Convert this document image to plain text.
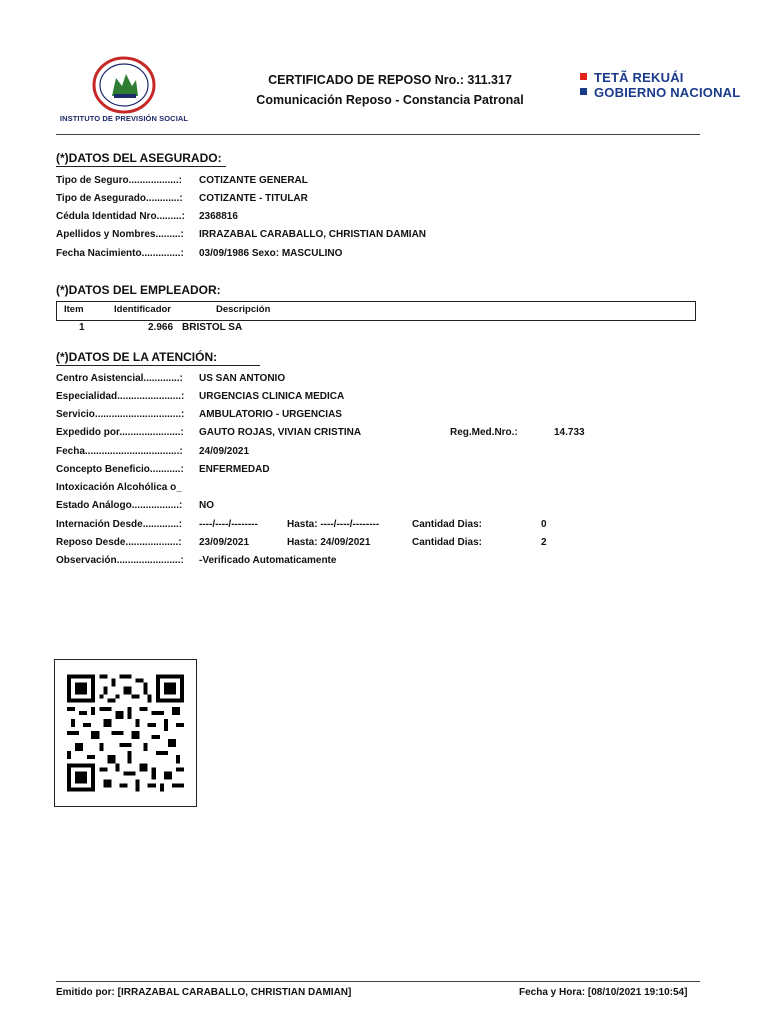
INSTITUTO DE PREVISIÓN SOCIAL
CERTIFICADO DE REPOSO Nro.: 311.317
Comunicación Reposo - Constancia Patronal
TETÃ REKUÁI
GOBIERNO NACIONAL
(*)DATOS DEL ASEGURADO:
Tipo de Seguro..................: COTIZANTE GENERAL
Tipo de Asegurado............: COTIZANTE - TITULAR
Cédula Identidad Nro.........: 2368816
Apellidos y Nombres.........: IRRAZABAL CARABALLO, CHRISTIAN DAMIAN
Fecha Nacimiento..............: 03/09/1986 Sexo: MASCULINO
(*)DATOS DEL EMPLEADOR:
Item	Identificador	Descripción
1	2.966 BRISTOL SA
(*)DATOS DE LA ATENCIÓN:
Centro Asistencial.............: US SAN ANTONIO
Especialidad.......................: URGENCIAS CLINICA MEDICA
Servicio...............................: AMBULATORIO - URGENCIAS
Expedido por......................: GAUTO ROJAS, VIVIAN CRISTINA	Reg.Med.Nro.:	14.733
Fecha..................................: 24/09/2021
Concepto Beneficio...........: ENFERMEDAD
Intoxicación Alcohólica o_
Estado Análogo.................: NO
Internación Desde.............: ----/----/--------	Hasta: ----/----/--------	Cantidad Dias:	0
Reposo Desde...................: 23/09/2021	Hasta: 24/09/2021	Cantidad Dias:	2
Observación.......................: -Verificado Automaticamente
Emitido por: [IRRAZABAL CARABALLO, CHRISTIAN DAMIAN]	Fecha y Hora: [08/10/2021 19:10:54]
